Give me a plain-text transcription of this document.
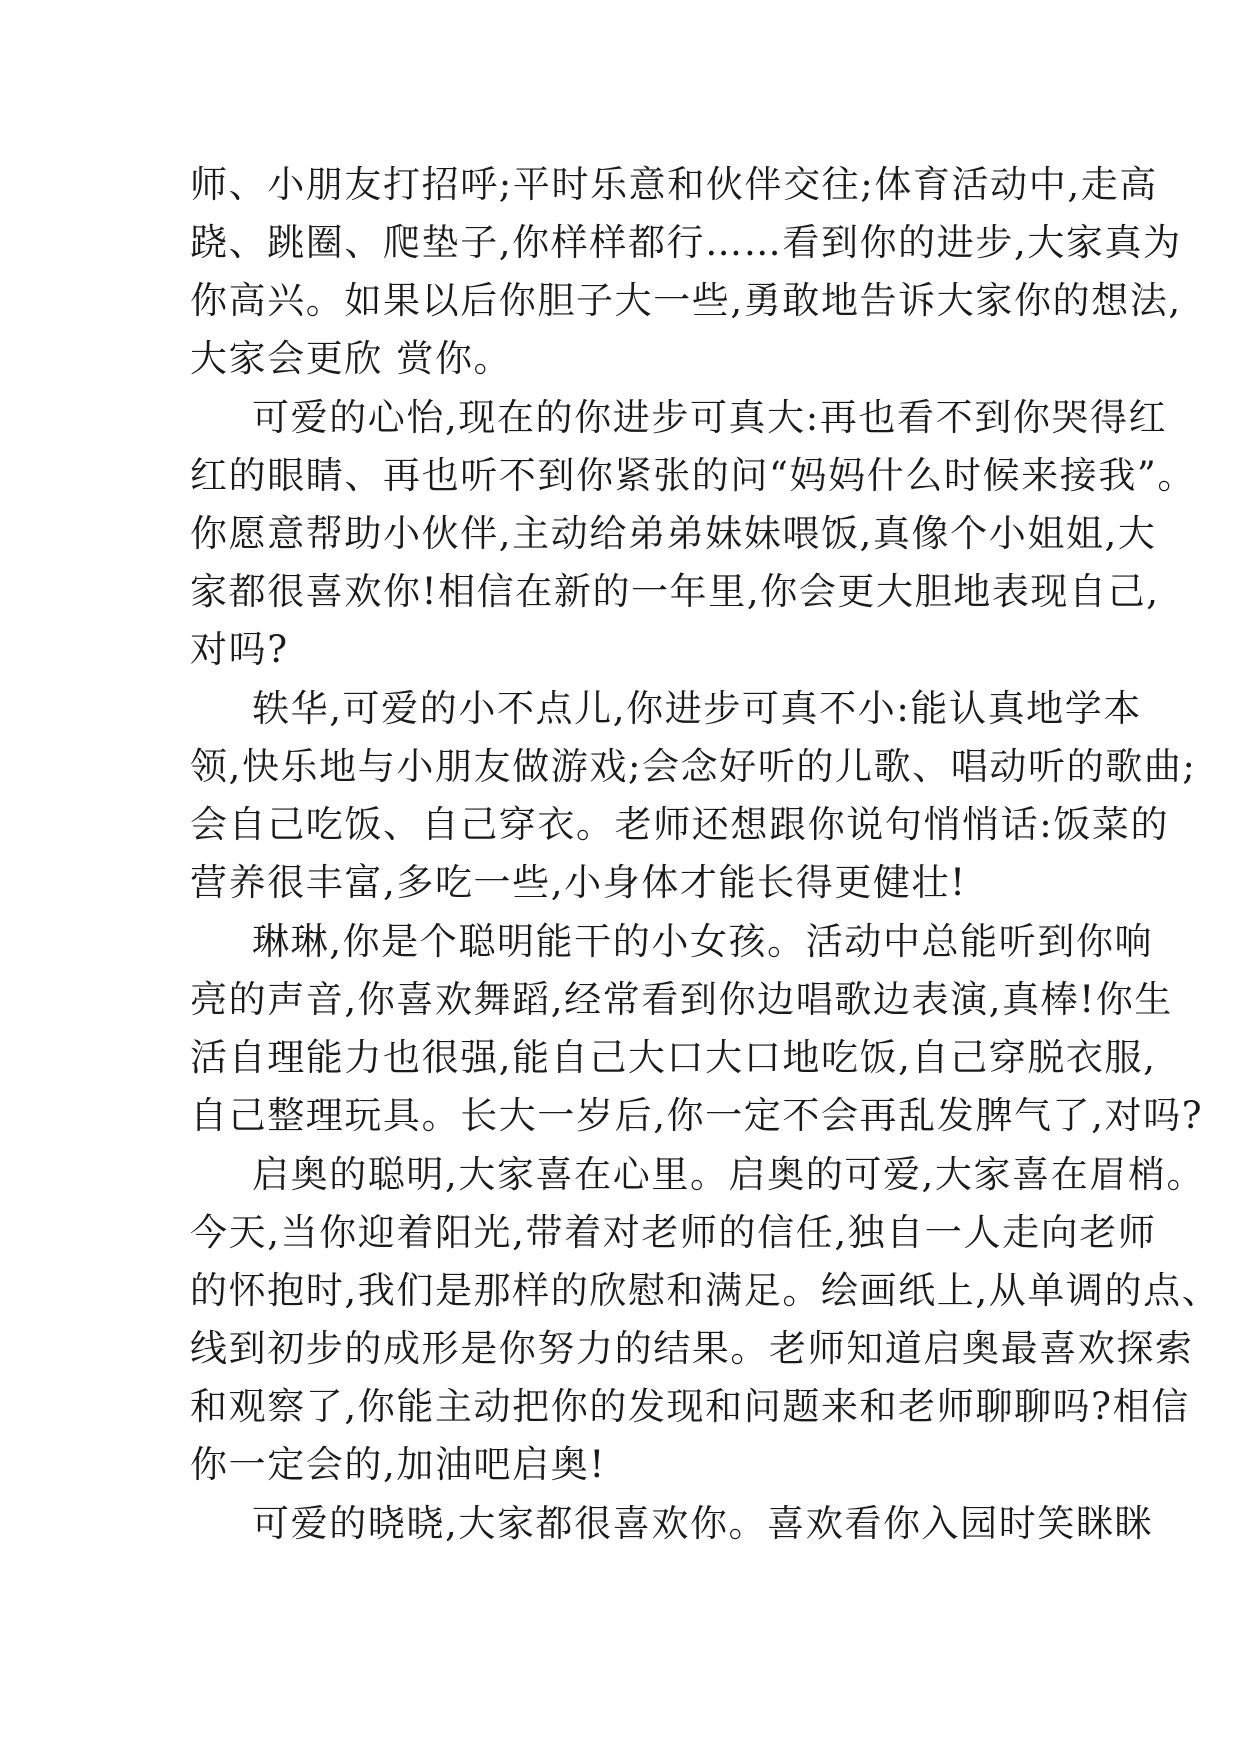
师、小朋友打招呼;平时乐意和伙伴交往;体育活动中,走高
跷、跳圈、爬垫子,你样样都行……看到你的进步,大家真为
你高兴。如果以后你胆子大一些,勇敢地告诉大家你的想法,
大家会更欣 赏你。
可爱的心怡,现在的你进步可真大:再也看不到你哭得红
红的眼睛、再也听不到你紧张的问“妈妈什么时候来接我”。
你愿意帮助小伙伴,主动给弟弟妹妹喂饭,真像个小姐姐,大
家都很喜欢你!相信在新的一年里,你会更大胆地表现自己,
对吗?
轶华,可爱的小不点儿,你进步可真不小:能认真地学本
领,快乐地与小朋友做游戏;会念好听的儿歌、唱动听的歌曲;
会自己吃饭、自己穿衣。老师还想跟你说句悄悄话:饭菜的
营养很丰富,多吃一些,小身体才能长得更健壮!
琳琳,你是个聪明能干的小女孩。活动中总能听到你响
亮的声音,你喜欢舞蹈,经常看到你边唱歌边表演,真棒!你生
活自理能力也很强,能自己大口大口地吃饭,自己穿脱衣服,
自己整理玩具。长大一岁后,你一定不会再乱发脾气了,对吗?
启奥的聪明,大家喜在心里。启奥的可爱,大家喜在眉梢。
今天,当你迎着阳光,带着对老师的信任,独自一人走向老师
的怀抱时,我们是那样的欣慰和满足。绘画纸上,从单调的点、
线到初步的成形是你努力的结果。老师知道启奥最喜欢探索
和观察了,你能主动把你的发现和问题来和老师聊聊吗?相信
你一定会的,加油吧启奥!
可爱的晓晓,大家都很喜欢你。喜欢看你入园时笑眯眯
